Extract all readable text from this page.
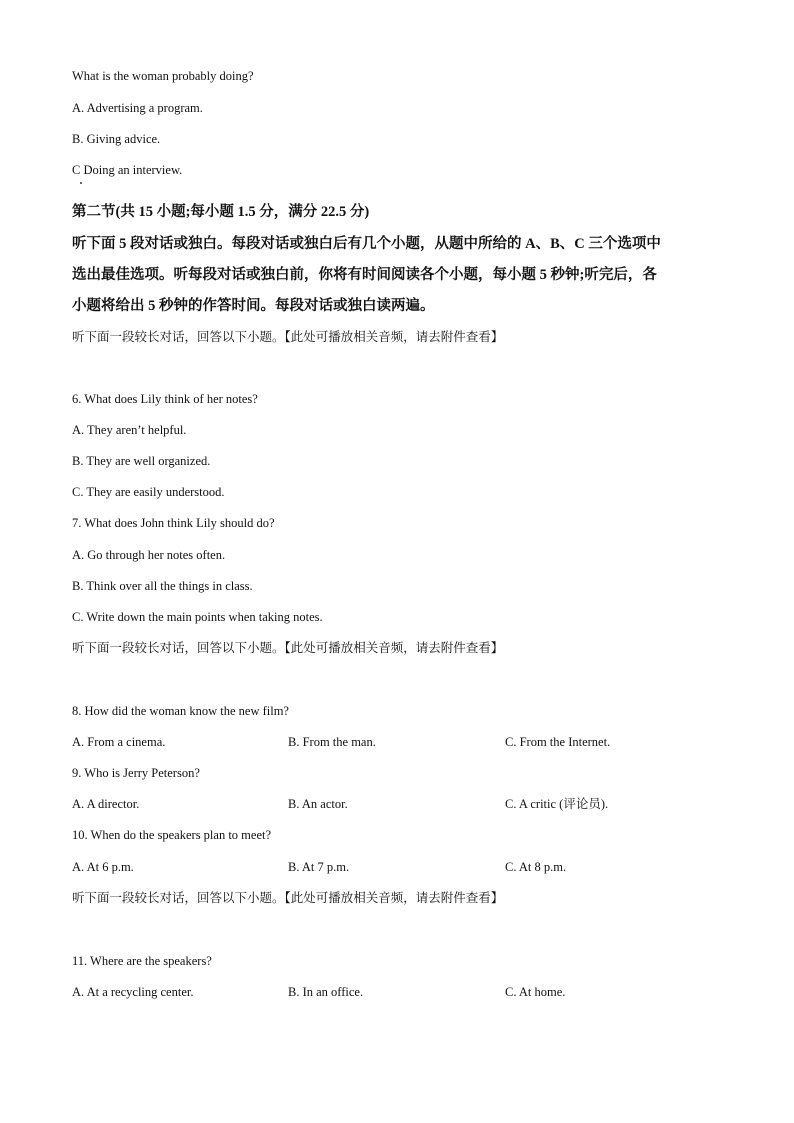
What is the woman probably doing?
A. Advertising a program.
B. Giving advice.
C Doing an interview.
第二节(共 15 小题;每小题 1.5 分，满分 22.5 分)
听下面 5 段对话或独白。每段对话或独白后有几个小题，从题中所给的 A、B、C 三个选项中
选出最佳选项。听每段对话或独白前，你将有时间阅读各个小题，每小题 5 秒钟;听完后，各
小题将给出 5 秒钟的作答时间。每段对话或独白读两遍。
听下面一段较长对话，回答以下小题。【此处可播放相关音频，请去附件查看】
6. What does Lily think of her notes?
A. They aren’t helpful.
B. They are well organized.
C. They are easily understood.
7. What does John think Lily should do?
A. Go through her notes often.
B. Think over all the things in class.
C. Write down the main points when taking notes.
听下面一段较长对话，回答以下小题。【此处可播放相关音频，请去附件查看】
8. How did the woman know the new film?
A. From a cinema.	B. From the man.	C. From the Internet.
9. Who is Jerry Peterson?
A. A director.	B. An actor.	C. A critic (评论员).
10. When do the speakers plan to meet?
A. At 6 p.m.	B. At 7 p.m.	C. At 8 p.m.
听下面一段较长对话，回答以下小题。【此处可播放相关音频，请去附件查看】
11. Where are the speakers?
A. At a recycling center.	B. In an office.	C. At home.
